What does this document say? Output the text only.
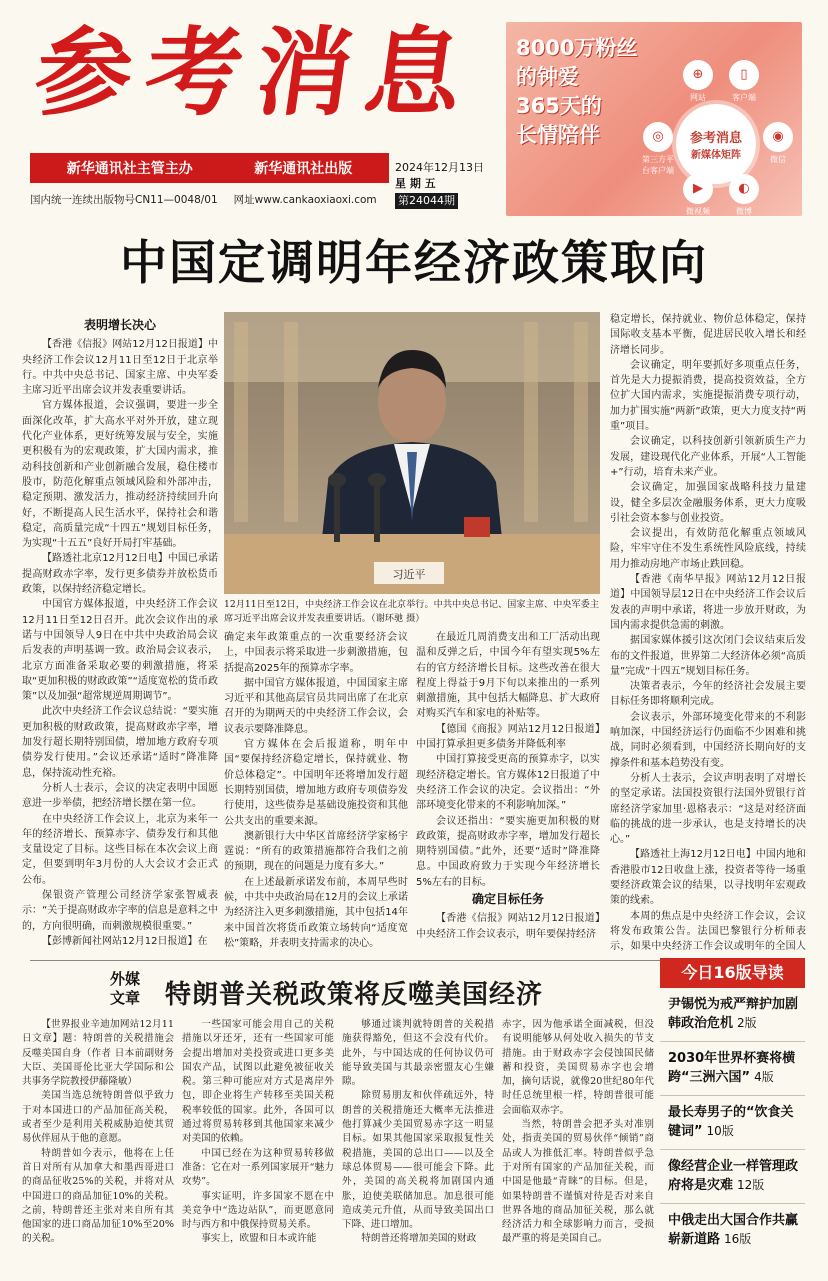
参考消息
新华通讯社主管主办	新华通讯社出版	2024年12月13日
星 期 五
第24044期
国内统一连续出版物号CN11—0048/01 网址www.cankaoxiaoxi.com
8000万粉丝
的钟爱
365天的
长情陪伴	参考消息
新媒体矩阵
⊕
网站
▯
客户端
◎
第三方平台客户端
◉
微信
▶
微视频
◐
微博
中国定调明年经济政策取向
表明增长决心

【香港《信报》网站12月12日报道】中央经济工作会议12月11日至12日于北京举行。中共中央总书记、国家主席、中央军委主席习近平出席会议并发表重要讲话。

官方媒体报道，会议强调，要进一步全面深化改革，扩大高水平对外开放，建立现代化产业体系，更好统筹发展与安全，实施更积极有为的宏观政策，扩大国内需求，推动科技创新和产业创新融合发展，稳住楼市股市，防范化解重点领域风险和外部冲击，稳定预期、激发活力，推动经济持续回升向好，不断提高人民生活水平，保持社会和谐稳定，高质量完成“十四五”规划目标任务，为实现“十五五”良好开局打牢基础。

【路透社北京12月12日电】中国已承诺提高财政赤字率，发行更多债券并放松货币政策，以保持经济稳定增长。

中国官方媒体报道，中央经济工作会议12月11日至12日召开。此次会议作出的承诺与中国领导人9日在中共中央政治局会议后发表的声明基调一致。政治局会议表示，北京方面准备采取必要的刺激措施，将采取“更加积极的财政政策”“适度宽松的货币政策”以及加强“超常规逆周期调节”。

此次中央经济工作会议总结说：“要实施更加积极的财政政策，提高财政赤字率，增加发行超长期特别国债，增加地方政府专项债券发行使用。”会议还承诺“适时”降准降息，保持流动性充裕。

分析人士表示，会议的决定表明中国愿意进一步举债，把经济增长摆在第一位。

在中央经济工作会议上，北京为来年一年的经济增长、预算赤字、债券发行和其他支量设定了目标。这些目标在本次会议上商定，但要到明年3月份的人大会议才会正式公布。

保银资产管理公司经济学家张智威表示：“关于提高财政赤字率的信息是意料之中的，方向很明确，而刺激规模很重要。”

【彭博新闻社网站12月12日报道】在

习近平
12月11日至12日，中央经济工作会议在北京举行。中共中央总书记、国家主席、中央军委主席习近平出席会议并发表重要讲话。（谢环驰 摄）

确定来年政策重点的一次重要经济会议上，中国表示将采取进一步刺激措施，包括提高2025年的预算赤字率。

据中国官方媒体报道，中国国家主席习近平和其他高层官员共同出席了在北京召开的为期两天的中央经济工作会议，会议表示要降准降息。

官方媒体在会后报道称，明年中国“要保持经济稳定增长，保持就业、物价总体稳定”。中国明年还将增加发行超长期特别国债，增加地方政府专项债券发行使用，这些债券是基础设施投资和其他公共支出的重要来源。

澳新银行大中华区首席经济学家杨宇霆说：“所有的政策措施都符合我们之前的预期，现在的问题是力度有多大。”

在上述最新承诺发布前，本周早些时候，中共中央政治局在12月的会议上承诺为经济注入更多刺激措施，其中包括14年来中国首次将货币政策立场转向“适度宽松”策略，并表明支持需求的决心。

在最近几周消费支出和工厂活动出现温和反弹之后，中国今年有望实现5%左右的官方经济增长目标。这些改善在很大程度上得益于9月下旬以来推出的一系列刺激措施，其中包括大幅降息、扩大政府对购买汽车和家电的补贴等。

【德国《商报》网站12月12日报道】中国打算承担更多债务并降低利率

中国打算接受更高的预算赤字，以实现经济稳定增长。官方媒体12日报道了中央经济工作会议的决定。会议指出：“外部环境变化带来的不利影响加深。”

会议还指出：“要实施更加积极的财政政策，提高财政赤字率，增加发行超长期特别国债。”此外，还要“适时”降准降息。中国政府致力于实现今年经济增长5%左右的目标。

确定目标任务

【香港《信报》网站12月12日报道】中央经济工作会议表示，明年要保持经济

稳定增长，保持就业、物价总体稳定，保持国际收支基本平衡，促进居民收入增长和经济增长同步。

会议确定，明年要抓好多项重点任务，首先是大力提振消费，提高投资效益，全方位扩大国内需求，实施提振消费专项行动，加力扩围实施“两新”政策，更大力度支持“两重”项目。

会议确定，以科技创新引领新质生产力发展，建设现代化产业体系，开展“人工智能+”行动，培育未来产业。

会议确定，加强国家战略科技力量建设，健全多层次金融服务体系，更大力度吸引社会资本参与创业投资。

会议提出，有效防范化解重点领域风险，牢牢守住不发生系统性风险底线，持续用力推动房地产市场止跌回稳。

【香港《南华早报》网站12月12日报道】中国领导层12日在中央经济工作会议后发表的声明中承诺，将进一步放开财政，为国内需求提供急需的刺激。

据国家媒体援引这次闭门会议结束后发布的文件报道，世界第二大经济体必须“高质量”完成“十四五”规划目标任务。

决策者表示，今年的经济社会发展主要目标任务即将顺利完成。

会议表示，外部环境变化带来的不利影响加深，中国经济运行仍面临不少困难和挑战，同时必须看到，中国经济长期向好的支撑条件和基本趋势没有变。

分析人士表示，会议声明表明了对增长的坚定承诺。法国投资银行法国外贸银行首席经济学家加里·恩格表示：“这是对经济面临的挑战的进一步承认，也是支持增长的决心。”

【路透社上海12月12日电】中国内地和香港股市12日收盘上涨，投资者等待一场重要经济政策会议的结果，以寻找明年宏观政策的线索。

本周的焦点是中央经济工作会议，会议将发布政策公告。法国巴黎银行分析师表示，如果中央经济工作会议或明年的全国人

外媒
文章 特朗普关税政策将反噬美国经济

【世界报业辛迪加网站12月11日文章】题：特朗普的关税措施会反噬美国自身（作者 日本前副财务大臣、美国哥伦比亚大学国际和公共事务学院教授伊藤隆敏）

美国当选总统特朗普似乎致力于对本国进口的产品加征高关税，或者至少是利用关税威胁迫使其贸易伙伴屈从于他的意愿。

特朗普如今表示，他将在上任首日对所有从加拿大和墨西哥进口的商品征收25%的关税，并将对从中国进口的商品加征10%的关税。之前，特朗普还主张对来自所有其他国家的进口商品加征10%至20%的关税。

一些国家可能会用自己的关税措施以牙还牙，还有一些国家可能会提出增加对美投资或进口更多美国农产品，试图以此避免被征收关税。第三种可能应对方式是离岸外包，即企业将生产转移至美国关税税率较低的国家。此外，各国可以通过将贸易转移到其他国家来减少对美国的依赖。

中国已经在为这种贸易转移做准备：它在对一系列国家展开“魅力攻势”。

事实证明，许多国家不愿在中美竞争中“选边站队”，而更愿意同时与西方和中俄保持贸易关系。

事实上，欧盟和日本或许能

够通过谈判就特朗普的关税措施获得豁免，但这不会没有代价。此外，与中国达成的任何协议仍可能导致美国与其最亲密盟友心生嫌隙。

除贸易朋友和伙伴疏远外，特朗普的关税措施还大概率无法推进他打算减少美国贸易赤字这一明显目标。如果其他国家采取报复性关税措施，美国的总出口——以及全球总体贸易——很可能会下降。此外，美国的高关税将加剧国内通胀，迫使美联储加息。加息很可能造成美元升值，从而导致美国出口下降、进口增加。

特朗普还将增加美国的财政

赤字，因为他承诺全面减税，但没有说明能够从何处收入损失的节支措施。由于财政赤字会侵蚀国民储蓄和投资，美国贸易赤字也会增加，摘句话说，就像20世纪80年代时任总统里根一样，特朗普很可能会面临双赤字。

当然，特朗普会把矛头对准别处，指责美国的贸易伙伴“倾销”商品或人为推低汇率。特朗普似乎急于对所有国家的产品加征关税，而中国是他最“青睐”的目标。但是，如果特朗普不谨慎对待是否对来自世界各地的商品加征关税，那么就经济活力和全球影响力而言，受损最严重的将是美国自己。

今日16版导读
尹锡悦为戒严辩护加剧韩政治危机 2版
2030年世界杯赛将横跨“三洲六国” 4版
最长寿男子的“饮食关键词” 10版
像经营企业一样管理政府将是灾难 12版
中俄走出大国合作共赢崭新道路 16版
